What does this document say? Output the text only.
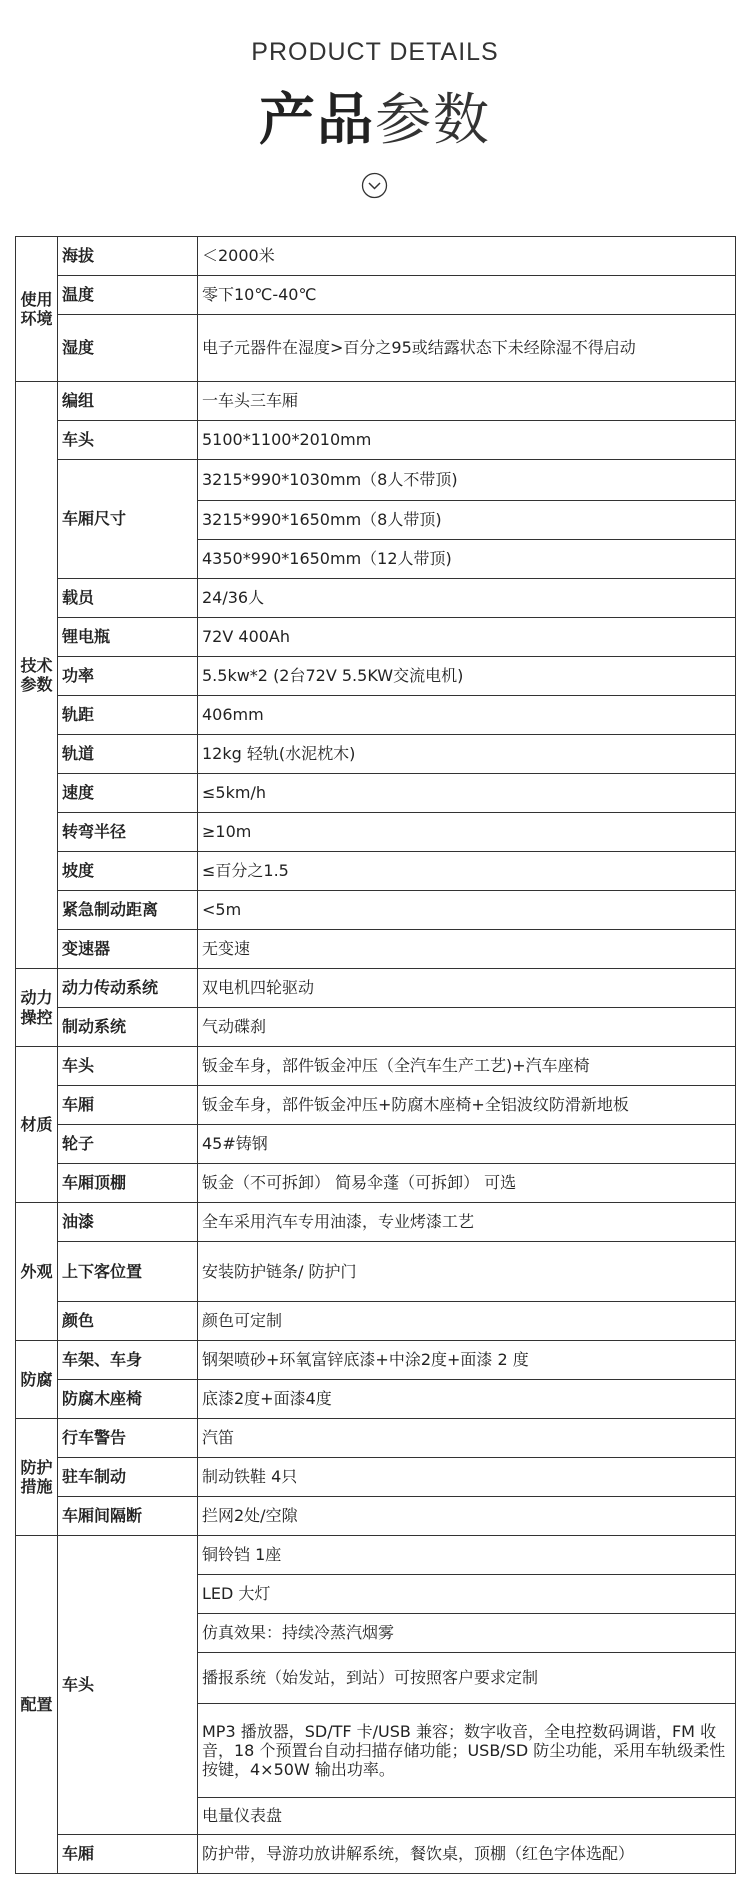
PRODUCT DETAILS
产品参数
使用
环境	海拔	＜2000米
	温度	零下10℃-40℃
	湿度	电子元器件在湿度>百分之95或结露状态下未经除湿不得启动
技术
参数	编组	一车头三车厢
	车头	5100*1100*2010mm
	车厢尺寸	3215*990*1030mm（8人不带顶)
		3215*990*1650mm（8人带顶)
		4350*990*1650mm（12人带顶)
	载员	24/36人
	锂电瓶	72V 400Ah
	功率	5.5kw*2 (2台72V 5.5KW交流电机)
	轨距	406mm
	轨道	12kg 轻轨(水泥枕木)
	速度	≤5km/h
	转弯半径	≥10m
	坡度	≤百分之1.5
	紧急制动距离	<5m
	变速器	无变速
动力
操控	动力传动系统	双电机四轮驱动
	制动系统	气动碟刹
材质	车头	钣金车身，部件钣金冲压（全汽车生产工艺)+汽车座椅
	车厢	钣金车身，部件钣金冲压+防腐木座椅+全铝波纹防滑新地板
	轮子	45#铸钢
	车厢顶棚	钣金（不可拆卸） 简易伞蓬（可拆卸） 可选
外观	油漆	全车采用汽车专用油漆，专业烤漆工艺
	上下客位置	安装防护链条/ 防护门
	颜色	颜色可定制
防腐	车架、车身	钢架喷砂+环氧富锌底漆+中涂2度+面漆 2 度
	防腐木座椅	底漆2度+面漆4度
防护
措施	行车警告	汽笛
	驻车制动	制动铁鞋 4只
	车厢间隔断	拦网2处/空隙
配置	车头	铜铃铛 1座
		LED 大灯
		仿真效果：持续冷蒸汽烟雾
		播报系统（始发站，到站）可按照客户要求定制
		MP3 播放器，SD/TF 卡/USB 兼容；数字收音，全电控数码调谐，FM 收音，18 个预置台自动扫描存储功能；USB/SD 防尘功能，采用车轨级柔性按键，4×50W 输出功率。
		电量仪表盘
	车厢	防护带，导游功放讲解系统，餐饮桌，顶棚（红色字体选配）
